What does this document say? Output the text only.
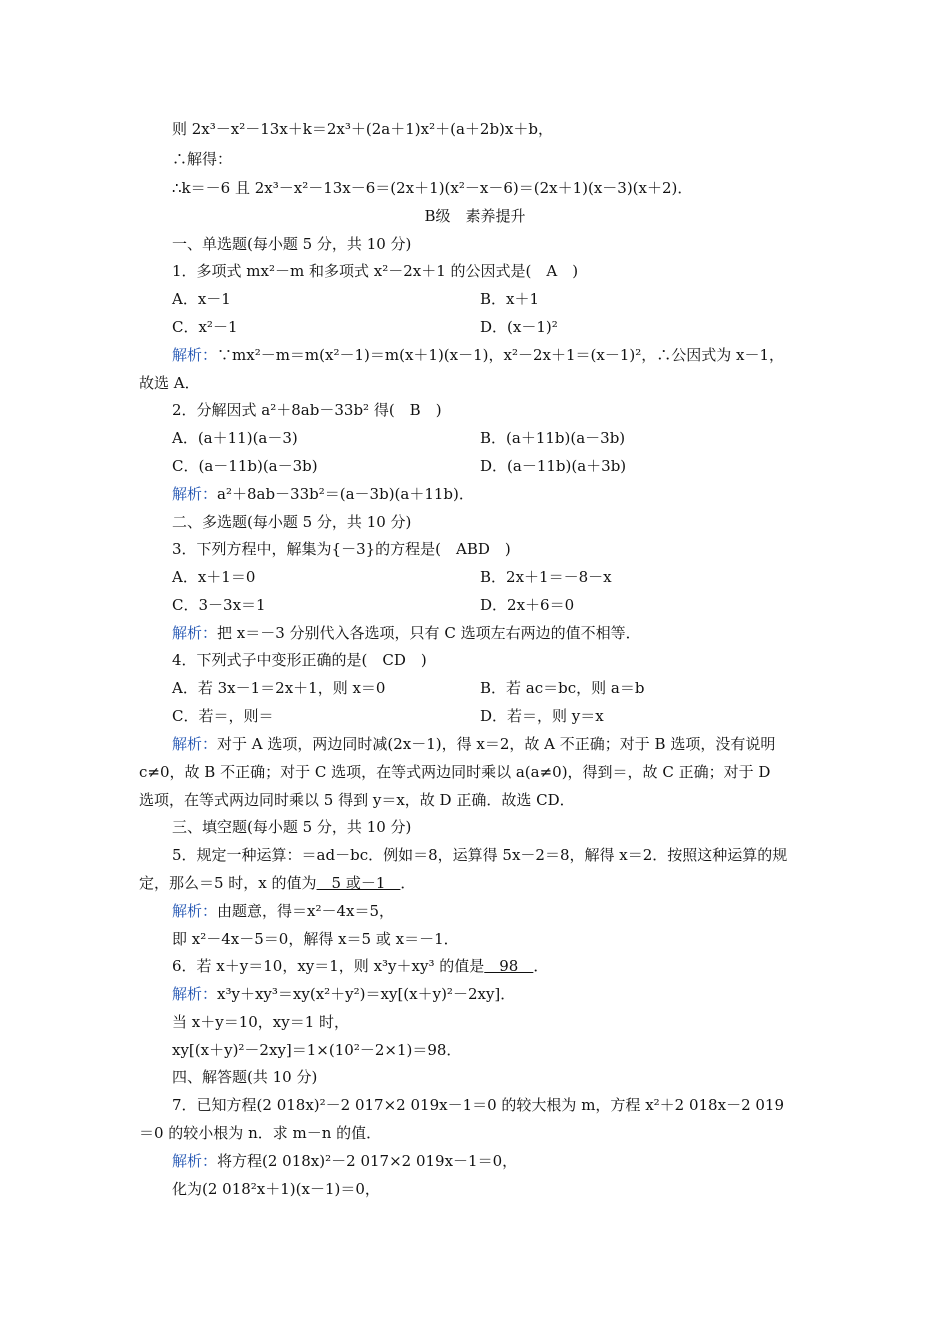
则 2x³－x²－13x＋k＝2x³＋(2a＋1)x²＋(a＋2b)x＋b，
∴解得：
∴k＝－6 且 2x³－x²－13x－6＝(2x＋1)(x²－x－6)＝(2x＋1)(x－3)(x＋2)．
B级　素养提升
一、单选题(每小题 5 分，共 10 分)
1．多项式 mx²－m 和多项式 x²－2x＋1 的公因式是(　A　)
A．x－1	B．x＋1
C．x²－1	D．(x－1)²
解析：∵mx²－m＝m(x²－1)＝m(x＋1)(x－1)，x²－2x＋1＝(x－1)²，∴公因式为 x－1，
故选 A．
2．分解因式 a²＋8ab－33b² 得(　B　)
A．(a＋11)(a－3)	B．(a＋11b)(a－3b)
C．(a－11b)(a－3b)	D．(a－11b)(a＋3b)
解析：a²＋8ab－33b²＝(a－3b)(a＋11b)．
二、多选题(每小题 5 分，共 10 分)
3．下列方程中，解集为{－3}的方程是(　ABD　)
A．x＋1＝0	B．2x＋1＝－8－x
C．3－3x＝1	D．2x＋6＝0
解析：把 x＝－3 分别代入各选项，只有 C 选项左右两边的值不相等．
4．下列式子中变形正确的是(　CD　)
A．若 3x－1＝2x＋1，则 x＝0	B．若 ac＝bc，则 a＝b
C．若＝，则＝	D．若＝，则 y＝x
解析：对于 A 选项，两边同时减(2x－1)，得 x＝2，故 A 不正确；对于 B 选项，没有说明
c≠0，故 B 不正确；对于 C 选项，在等式两边同时乘以 a(a≠0)，得到＝，故 C 正确；对于 D
选项，在等式两边同时乘以 5 得到 y＝x，故 D 正确．故选 CD．
三、填空题(每小题 5 分，共 10 分)
5．规定一种运算：＝ad－bc．例如＝8，运算得 5x－2＝8，解得 x＝2．按照这种运算的规
定，那么＝5 时，x 的值为　5 或－1　．
解析：由题意，得＝x²－4x＝5，
即 x²－4x－5＝0，解得 x＝5 或 x＝－1．
6．若 x＋y＝10，xy＝1，则 x³y＋xy³ 的值是　98　．
解析：x³y＋xy³＝xy(x²＋y²)＝xy[(x＋y)²－2xy]．
当 x＋y＝10，xy＝1 时，
xy[(x＋y)²－2xy]＝1×(10²－2×1)＝98．
四、解答题(共 10 分)
7．已知方程(2 018x)²－2 017×2 019x－1＝0 的较大根为 m，方程 x²＋2 018x－2 019
＝0 的较小根为 n．求 m－n 的值．
解析：将方程(2 018x)²－2 017×2 019x－1＝0，
化为(2 018²x＋1)(x－1)＝0，
